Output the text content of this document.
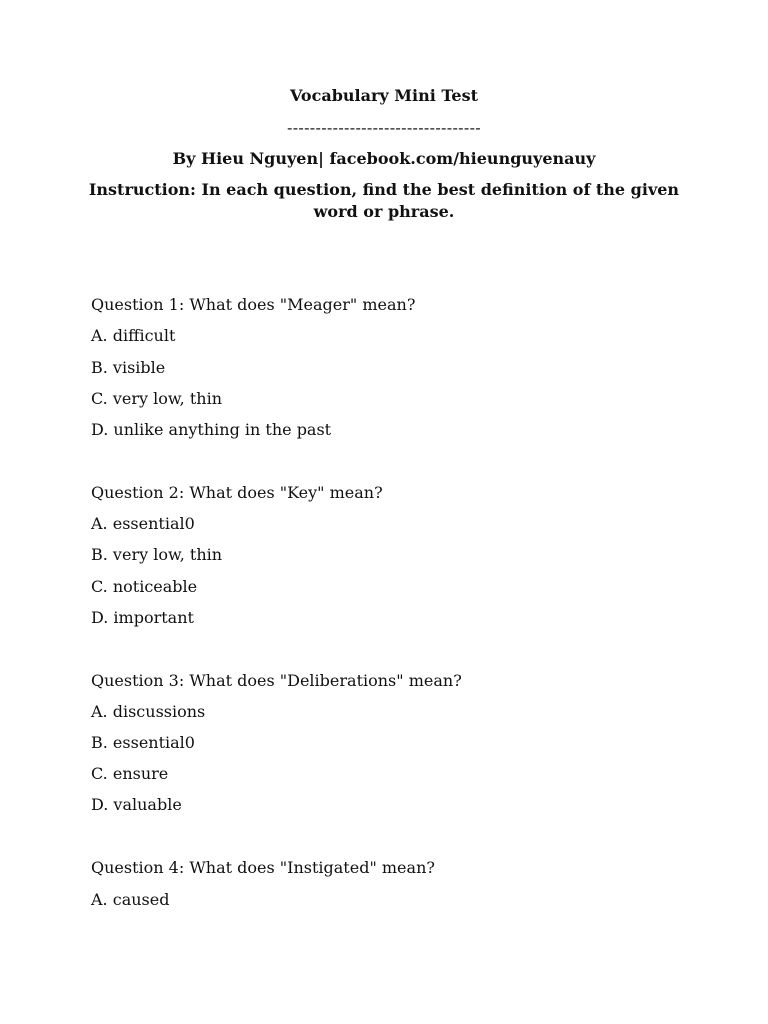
Vocabulary Mini Test
----------------------------------
By Hieu Nguyen| facebook.com/hieunguyenauy
Instruction: In each question, find the best definition of the given word or phrase.
Question 1: What does "Meager" mean?
A. difficult
B. visible
C. very low, thin
D. unlike anything in the past
Question 2: What does "Key" mean?
A. essential0
B. very low, thin
C. noticeable
D. important
Question 3: What does "Deliberations" mean?
A. discussions
B. essential0
C. ensure
D. valuable
Question 4: What does "Instigated" mean?
A. caused
